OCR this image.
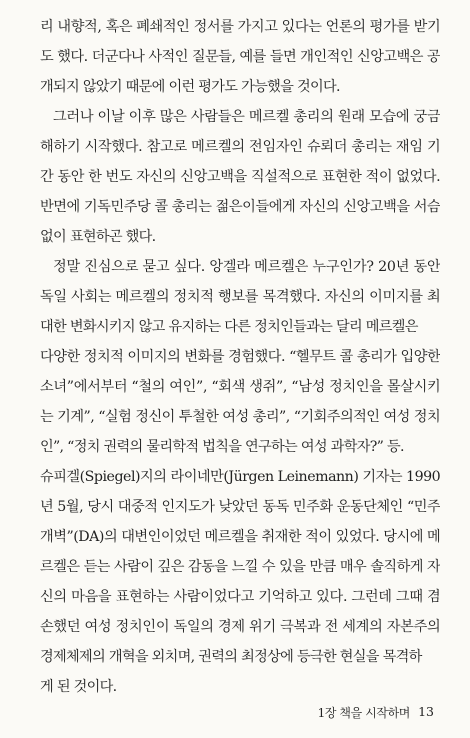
리 내향적, 혹은 폐쇄적인 정서를 가지고 있다는 언론의 평가를 받기
도 했다. 더군다나 사적인 질문들, 예를 들면 개인적인 신앙고백은 공
개되지 않았기 때문에 이런 평가도 가능했을 것이다.
그러나 이날 이후 많은 사람들은 메르켈 총리의 원래 모습에 궁금
해하기 시작했다. 참고로 메르켈의 전임자인 슈뢰더 총리는 재임 기
간 동안 한 번도 자신의 신앙고백을 직설적으로 표현한 적이 없었다.
반면에 기독민주당 콜 총리는 젊은이들에게 자신의 신앙고백을 서슴
없이 표현하곤 했다.
정말 진심으로 묻고 싶다. 앙겔라 메르켈은 누구인가? 20년 동안
독일 사회는 메르켈의 정치적 행보를 목격했다. 자신의 이미지를 최
대한 변화시키지 않고 유지하는 다른 정치인들과는 달리 메르켈은
다양한 정치적 이미지의 변화를 경험했다. “헬무트 콜 총리가 입양한
소녀”에서부터 “철의 여인”, “회색 생쥐”, “남성 정치인을 몰살시키
는 기계”, “실험 정신이 투철한 여성 총리”, “기회주의적인 여성 정치
인”, “정치 권력의 물리학적 법칙을 연구하는 여성 과학자?” 등.
슈피겔(Spiegel)지의 라이네만(Jürgen Leinemann) 기자는 1990
년 5월, 당시 대중적 인지도가 낮았던 동독 민주화 운동단체인 “민주
개벽”(DA)의 대변인이었던 메르켈을 취재한 적이 있었다. 당시에 메
르켈은 듣는 사람이 깊은 감동을 느낄 수 있을 만큼 매우 솔직하게 자
신의 마음을 표현하는 사람이었다고 기억하고 있다. 그런데 그때 겸
손했던 여성 정치인이 독일의 경제 위기 극복과 전 세계의 자본주의
경제체제의 개혁을 외치며, 권력의 최정상에 등극한 현실을 목격하
게 된 것이다.
1장 책을 시작하며 13
